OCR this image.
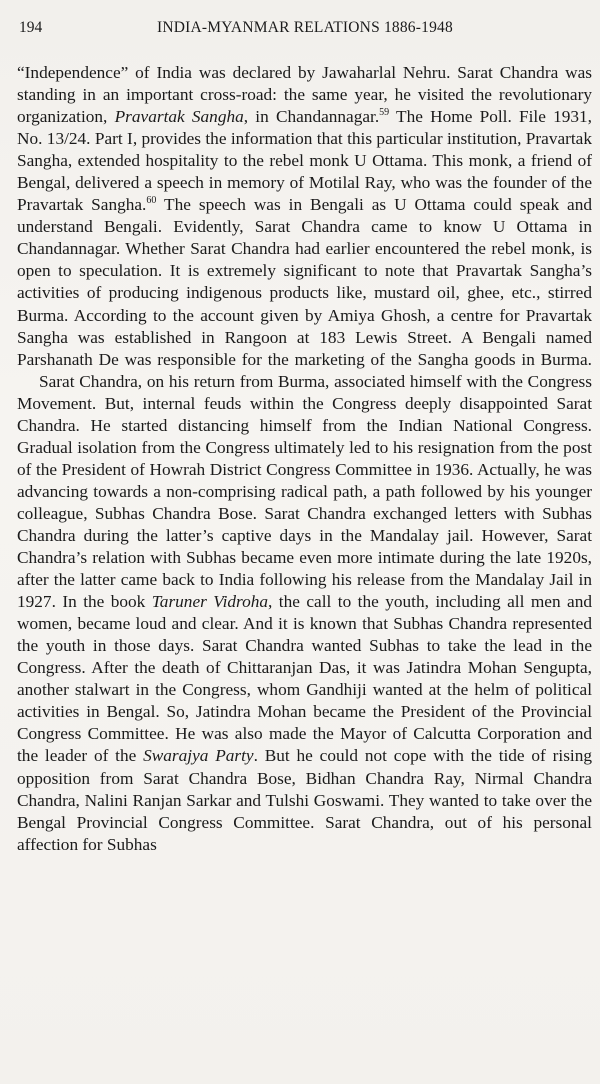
194	INDIA-MYANMAR RELATIONS 1886-1948

“Independence” of India was declared by Jawaharlal Nehru. Sarat Chandra was standing in an important cross-road: the same year, he visited the revolutionary organization, Pravartak Sangha, in Chandannagar.$^{59}$ The Home Poll. File 1931, No. 13/24. Part I, provides the information that this particular institution, Pravartak Sangha, extended hospitality to the rebel monk U Ottama. This monk, a friend of Bengal, delivered a speech in memory of Motilal Ray, who was the founder of the Pravartak Sangha.$^{60}$ The speech was in Bengali as U Ottama could speak and understand Bengali. Evidently, Sarat Chandra came to know U Ottama in Chandannagar. Whether Sarat Chandra had earlier encountered the rebel monk, is open to speculation. It is extremely significant to note that Pravartak Sangha’s activities of producing indigenous products like, mustard oil, ghee, etc., stirred Burma. According to the account given by Amiya Ghosh, a centre for Pravartak Sangha was established in Rangoon at 183 Lewis Street. A Bengali named Parshanath De was responsible for the marketing of the Sangha goods in Burma.

Sarat Chandra, on his return from Burma, associated himself with the Congress Movement. But, internal feuds within the Congress deeply disappointed Sarat Chandra. He started distancing himself from the Indian National Congress. Gradual isolation from the Congress ultimately led to his resignation from the post of the President of Howrah District Congress Committee in 1936. Actually, he was advancing towards a non-comprising radical path, a path followed by his younger colleague, Subhas Chandra Bose. Sarat Chandra exchanged letters with Subhas Chandra during the latter’s captive days in the Mandalay jail. However, Sarat Chandra’s relation with Subhas became even more intimate during the late 1920s, after the latter came back to India following his release from the Mandalay Jail in 1927. In the book Taruner Vidroha, the call to the youth, including all men and women, became loud and clear. And it is known that Subhas Chandra represented the youth in those days. Sarat Chandra wanted Subhas to take the lead in the Congress. After the death of Chittaranjan Das, it was Jatindra Mohan Sengupta, another stalwart in the Congress, whom Gandhiji wanted at the helm of political activities in Bengal. So, Jatindra Mohan became the President of the Provincial Congress Committee. He was also made the Mayor of Calcutta Corporation and the leader of the Swarajya Party. But he could not cope with the tide of rising opposition from Sarat Chandra Bose, Bidhan Chandra Ray, Nirmal Chandra Chandra, Nalini Ranjan Sarkar and Tulshi Goswami. They wanted to take over the Bengal Provincial Congress Committee. Sarat Chandra, out of his personal affection for Subhas
